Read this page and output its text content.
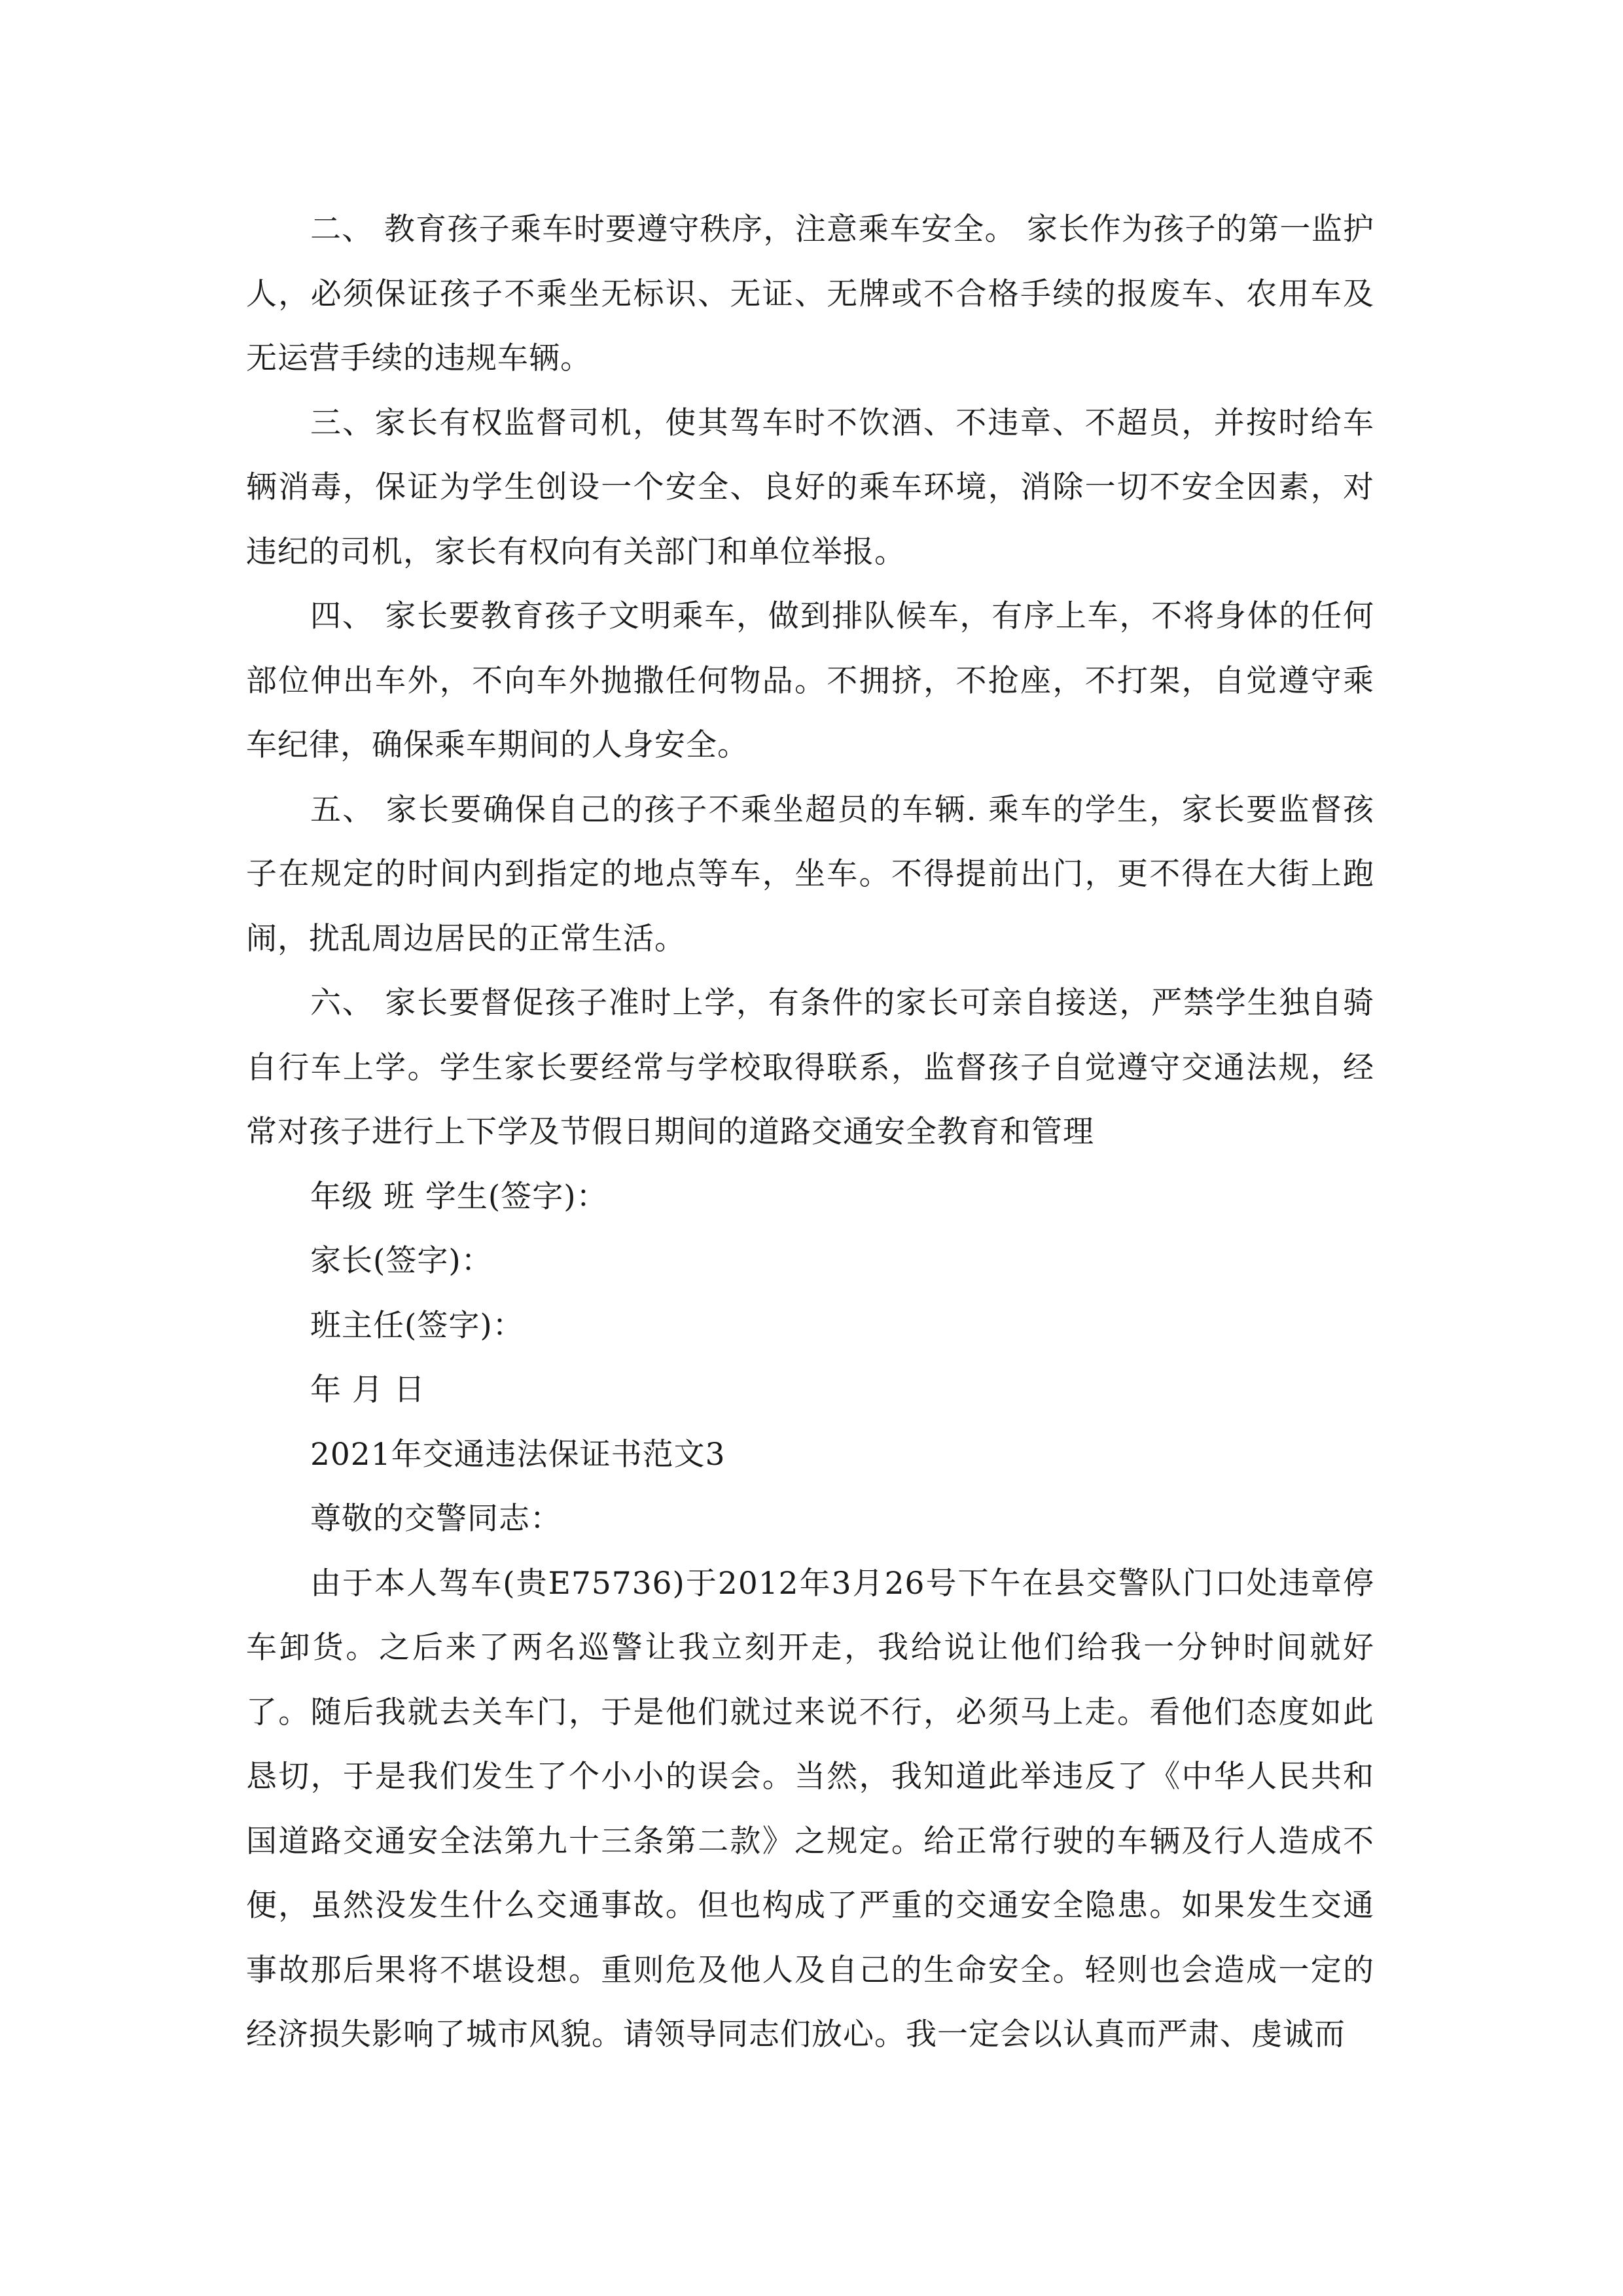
二、 教育孩子乘车时要遵守秩序，注意乘车安全。 家长作为孩子的第一监护人，必须保证孩子不乘坐无标识、无证、无牌或不合格手续的报废车、农用车及无运营手续的违规车辆。

三、家长有权监督司机，使其驾车时不饮酒、不违章、不超员，并按时给车辆消毒，保证为学生创设一个安全、良好的乘车环境，消除一切不安全因素，对违纪的司机，家长有权向有关部门和单位举报。

四、 家长要教育孩子文明乘车，做到排队候车，有序上车，不将身体的任何部位伸出车外，不向车外抛撒任何物品。不拥挤，不抢座，不打架，自觉遵守乘车纪律，确保乘车期间的人身安全。

五、 家长要确保自己的孩子不乘坐超员的车辆. 乘车的学生，家长要监督孩子在规定的时间内到指定的地点等车，坐车。不得提前出门，更不得在大街上跑闹，扰乱周边居民的正常生活。

六、 家长要督促孩子准时上学，有条件的家长可亲自接送，严禁学生独自骑自行车上学。学生家长要经常与学校取得联系，监督孩子自觉遵守交通法规，经常对孩子进行上下学及节假日期间的道路交通安全教育和管理

年级 班 学生(签字)：

家长(签字)：

班主任(签字)：

年 月 日

2021年交通违法保证书范文3

尊敬的交警同志：

由于本人驾车(贵E75736)于2012年3月26号下午在县交警队门口处违章停车卸货。之后来了两名巡警让我立刻开走，我给说让他们给我一分钟时间就好了。随后我就去关车门，于是他们就过来说不行，必须马上走。看他们态度如此恳切，于是我们发生了个小小的误会。当然，我知道此举违反了《中华人民共和国道路交通安全法第九十三条第二款》之规定。给正常行驶的车辆及行人造成不便，虽然没发生什么交通事故。但也构成了严重的交通安全隐患。如果发生交通事故那后果将不堪设想。重则危及他人及自己的生命安全。轻则也会造成一定的经济损失影响了城市风貌。请领导同志们放心。我一定会以认真而严肃、虔诚而
